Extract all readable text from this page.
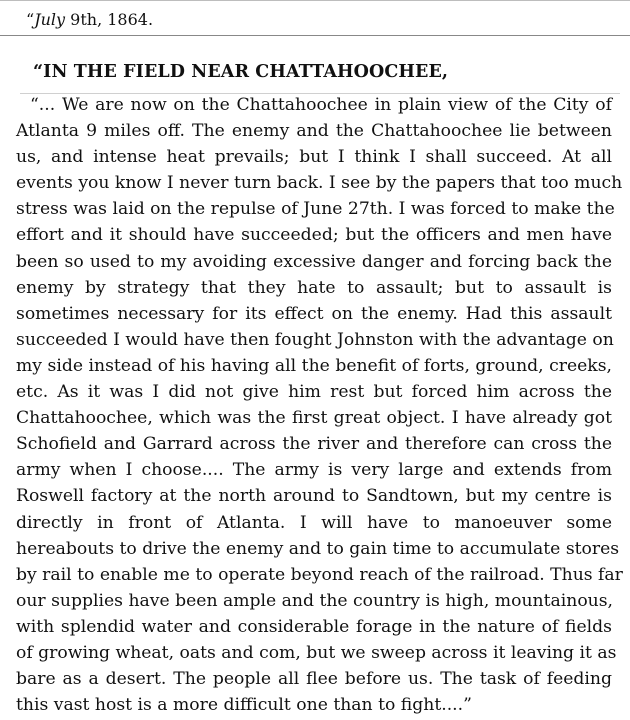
“July 9th, 1864.
“IN THE FIELD NEAR CHATTAHOOCHEE,
“... We are now on the Chattahoochee in plain view of the City of
Atlanta 9 miles off. The enemy and the Chattahoochee lie between
us, and intense heat prevails; but I think I shall succeed. At all
events you know I never turn back. I see by the papers that too much
stress was laid on the repulse of June 27th. I was forced to make the
effort and it should have succeeded; but the officers and men have
been so used to my avoiding excessive danger and forcing back the
enemy by strategy that they hate to assault; but to assault is
sometimes necessary for its effect on the enemy. Had this assault
succeeded I would have then fought Johnston with the advantage on
my side instead of his having all the benefit of forts, ground, creeks,
etc. As it was I did not give him rest but forced him across the
Chattahoochee, which was the first great object. I have already got
Schofield and Garrard across the river and therefore can cross the
army when I choose.... The army is very large and extends from
Roswell factory at the north around to Sandtown, but my centre is
directly in front of Atlanta. I will have to manoeuver some
hereabouts to drive the enemy and to gain time to accumulate stores
by rail to enable me to operate beyond reach of the railroad. Thus far
our supplies have been ample and the country is high, mountainous,
with splendid water and considerable forage in the nature of fields
of growing wheat, oats and com, but we sweep across it leaving it as
bare as a desert. The people all flee before us. The task of feeding
this vast host is a more difficult one than to fight....”
